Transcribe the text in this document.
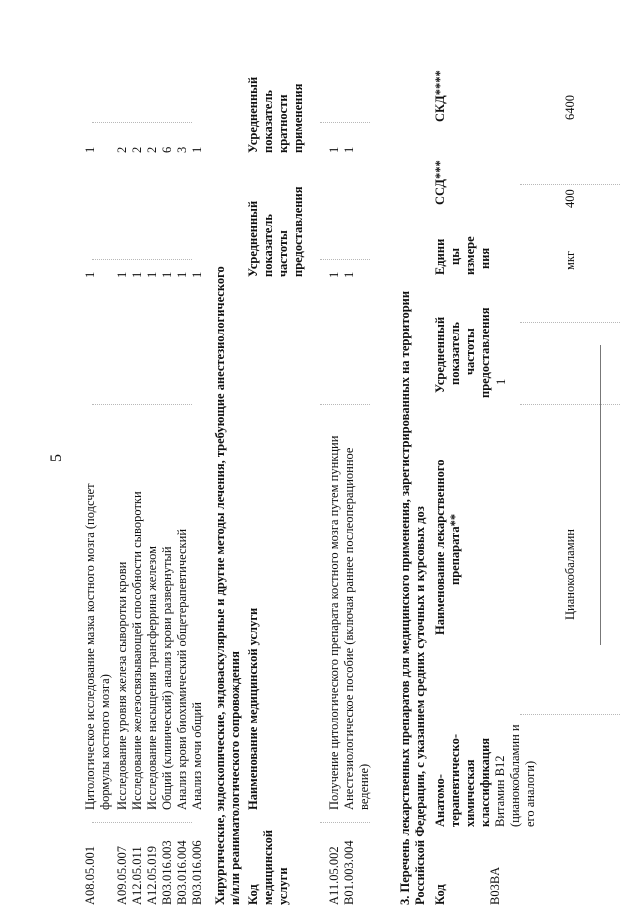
5
A08.05.001
Цитологическое исследование мазка костного мозга (подсчет формулы костного мозга)
1
1
A09.05.007
Исследование уровня железа сыворотки крови
1
2
A12.05.011
Исследование железосвязывающей способности сыворотки
1
2
A12.05.019
Исследование насыщения трансферрина железом
1
2
B03.016.003
Общий (клинический) анализ крови развернутый
1
6
B03.016.004
Анализ крови биохимический общетерапевтический
1
3
B03.016.006
Анализ мочи общий
1
1
Хирургические, эндоскопические, эндоваскулярные и другие методы лечения, требующие анестезиологического и/или реаниматологического сопровождения Код медицинской услуги
Наименование медицинской услуги
Усредненный показатель частоты предоставления
Усредненный показатель кратности применения
A11.05.002
Получение цитологического препарата костного мозга путем пункции
1
1
B01.003.004
Анестезиологическое пособие (включая раннее послеоперационное ведение)
1
1
3. Перечень лекарственных препаратов для медицинского применения, зарегистрированных на территории Российской Федерации, с указанием средних суточных и курсовых доз Код
Анатомо- терапевтическо- химическая классификация
Наименование лекарственного препарата**
Усредненный показатель частоты предоставления
Едини цы измере ния
ССД***
СКД****
B03BA
Витамин B12 (цианокобаламин и его аналоги)
1
Цианокобаламин
мкг
400
6400
